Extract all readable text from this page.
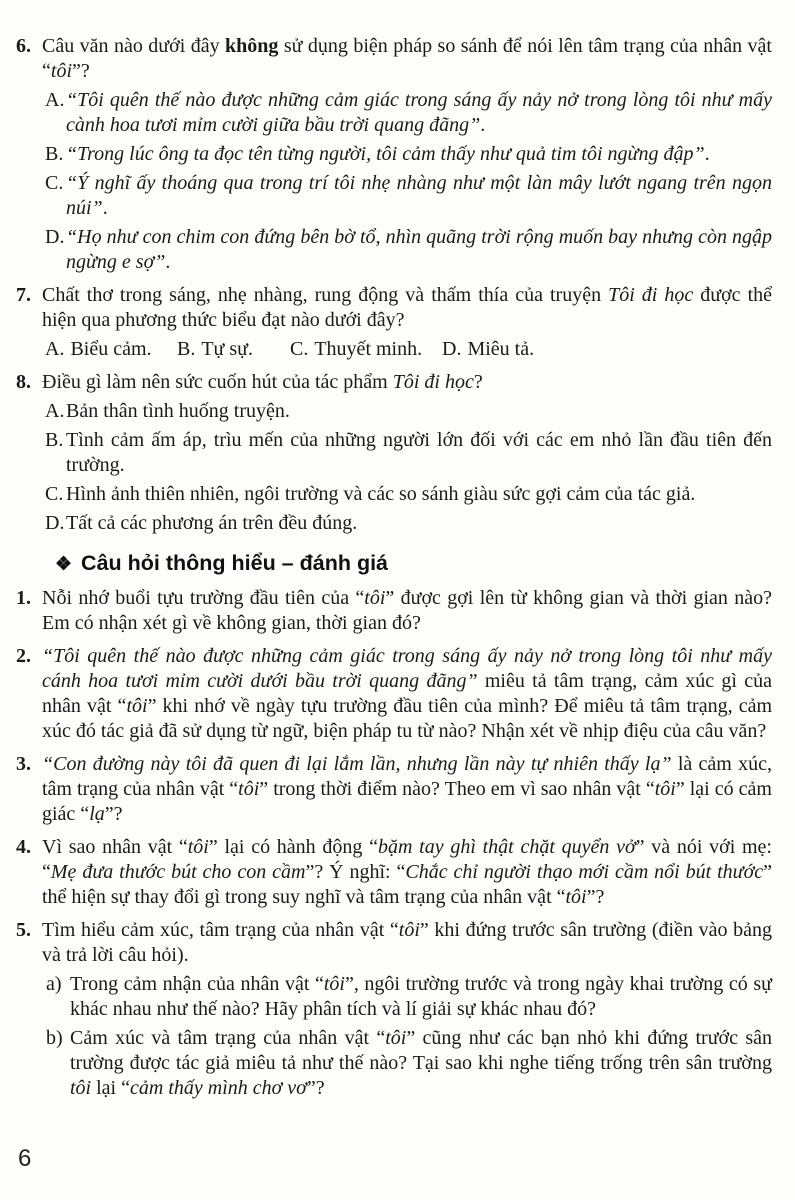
6. Câu văn nào dưới đây không sử dụng biện pháp so sánh để nói lên tâm trạng của nhân vật “tôi”?

A. “Tôi quên thế nào được những cảm giác trong sáng ấy nảy nở trong lòng tôi như mấy cành hoa tươi mỉm cười giữa bầu trời quang đãng”.

B. “Trong lúc ông ta đọc tên từng người, tôi cảm thấy như quả tim tôi ngừng đập”.

C. “Ý nghĩ ấy thoáng qua trong trí tôi nhẹ nhàng như một làn mây lướt ngang trên ngọn núi”.

D. “Họ như con chim con đứng bên bờ tổ, nhìn quãng trời rộng muốn bay nhưng còn ngập ngừng e sợ”.

7. Chất thơ trong sáng, nhẹ nhàng, rung động và thấm thía của truyện Tôi đi học được thể hiện qua phương thức biểu đạt nào dưới đây?

A. Biểu cảm.	B. Tự sự.	C. Thuyết minh. D. Miêu tả.
8. Điều gì làm nên sức cuốn hút của tác phẩm Tôi đi học?

A. Bản thân tình huống truyện.

B. Tình cảm ấm áp, trìu mến của những người lớn đối với các em nhỏ lần đầu tiên đến trường.

C. Hình ảnh thiên nhiên, ngôi trường và các so sánh giàu sức gợi cảm của tác giả.

D. Tất cả các phương án trên đều đúng.

❖ Câu hỏi thông hiểu – đánh giá
1. Nỗi nhớ buổi tựu trường đầu tiên của “tôi” được gợi lên từ không gian và thời gian nào? Em có nhận xét gì về không gian, thời gian đó?

2. “Tôi quên thế nào được những cảm giác trong sáng ấy nảy nở trong lòng tôi như mấy cánh hoa tươi mỉm cười dưới bầu trời quang đãng” miêu tả tâm trạng, cảm xúc gì của nhân vật “tôi” khi nhớ về ngày tựu trường đầu tiên của mình? Để miêu tả tâm trạng, cảm xúc đó tác giả đã sử dụng từ ngữ, biện pháp tu từ nào? Nhận xét về nhịp điệu của câu văn?

3. “Con đường này tôi đã quen đi lại lắm lần, nhưng lần này tự nhiên thấy lạ” là cảm xúc, tâm trạng của nhân vật “tôi” trong thời điểm nào? Theo em vì sao nhân vật “tôi” lại có cảm giác “lạ”?

4. Vì sao nhân vật “tôi” lại có hành động “bặm tay ghì thật chặt quyển vở” và nói với mẹ: “Mẹ đưa thước bút cho con cầm”? Ý nghĩ: “Chắc chỉ người thạo mới cầm nổi bút thước” thể hiện sự thay đổi gì trong suy nghĩ và tâm trạng của nhân vật “tôi”?

5. Tìm hiểu cảm xúc, tâm trạng của nhân vật “tôi” khi đứng trước sân trường (điền vào bảng và trả lời câu hỏi).

a) Trong cảm nhận của nhân vật “tôi”, ngôi trường trước và trong ngày khai trường có sự khác nhau như thế nào? Hãy phân tích và lí giải sự khác nhau đó?

b) Cảm xúc và tâm trạng của nhân vật “tôi” cũng như các bạn nhỏ khi đứng trước sân trường được tác giả miêu tả như thế nào? Tại sao khi nghe tiếng trống trên sân trường tôi lại “cảm thấy mình chơ vơ”?

6
